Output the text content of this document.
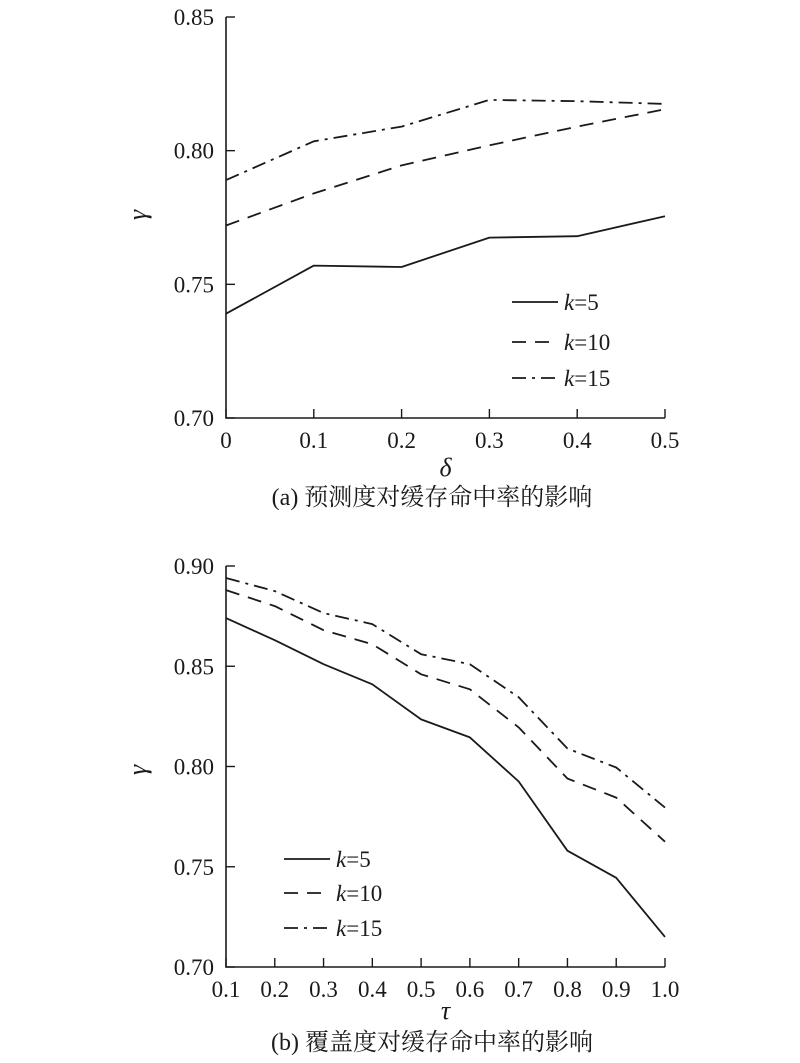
0.70
0.75
0.80
0.85
0	0.1	0.2	0.3	0.4	0.5
γ
δ
k=5
k=10
k=15
(a) 预测度对缓存命中率的影响
0.70
0.75
0.80
0.85
0.90
0.1 0.2 0.3 0.4 0.5 0.6 0.7 0.8 0.9 1.0
γ
τ
k=5
k=10
k=15
(b) 覆盖度对缓存命中率的影响
